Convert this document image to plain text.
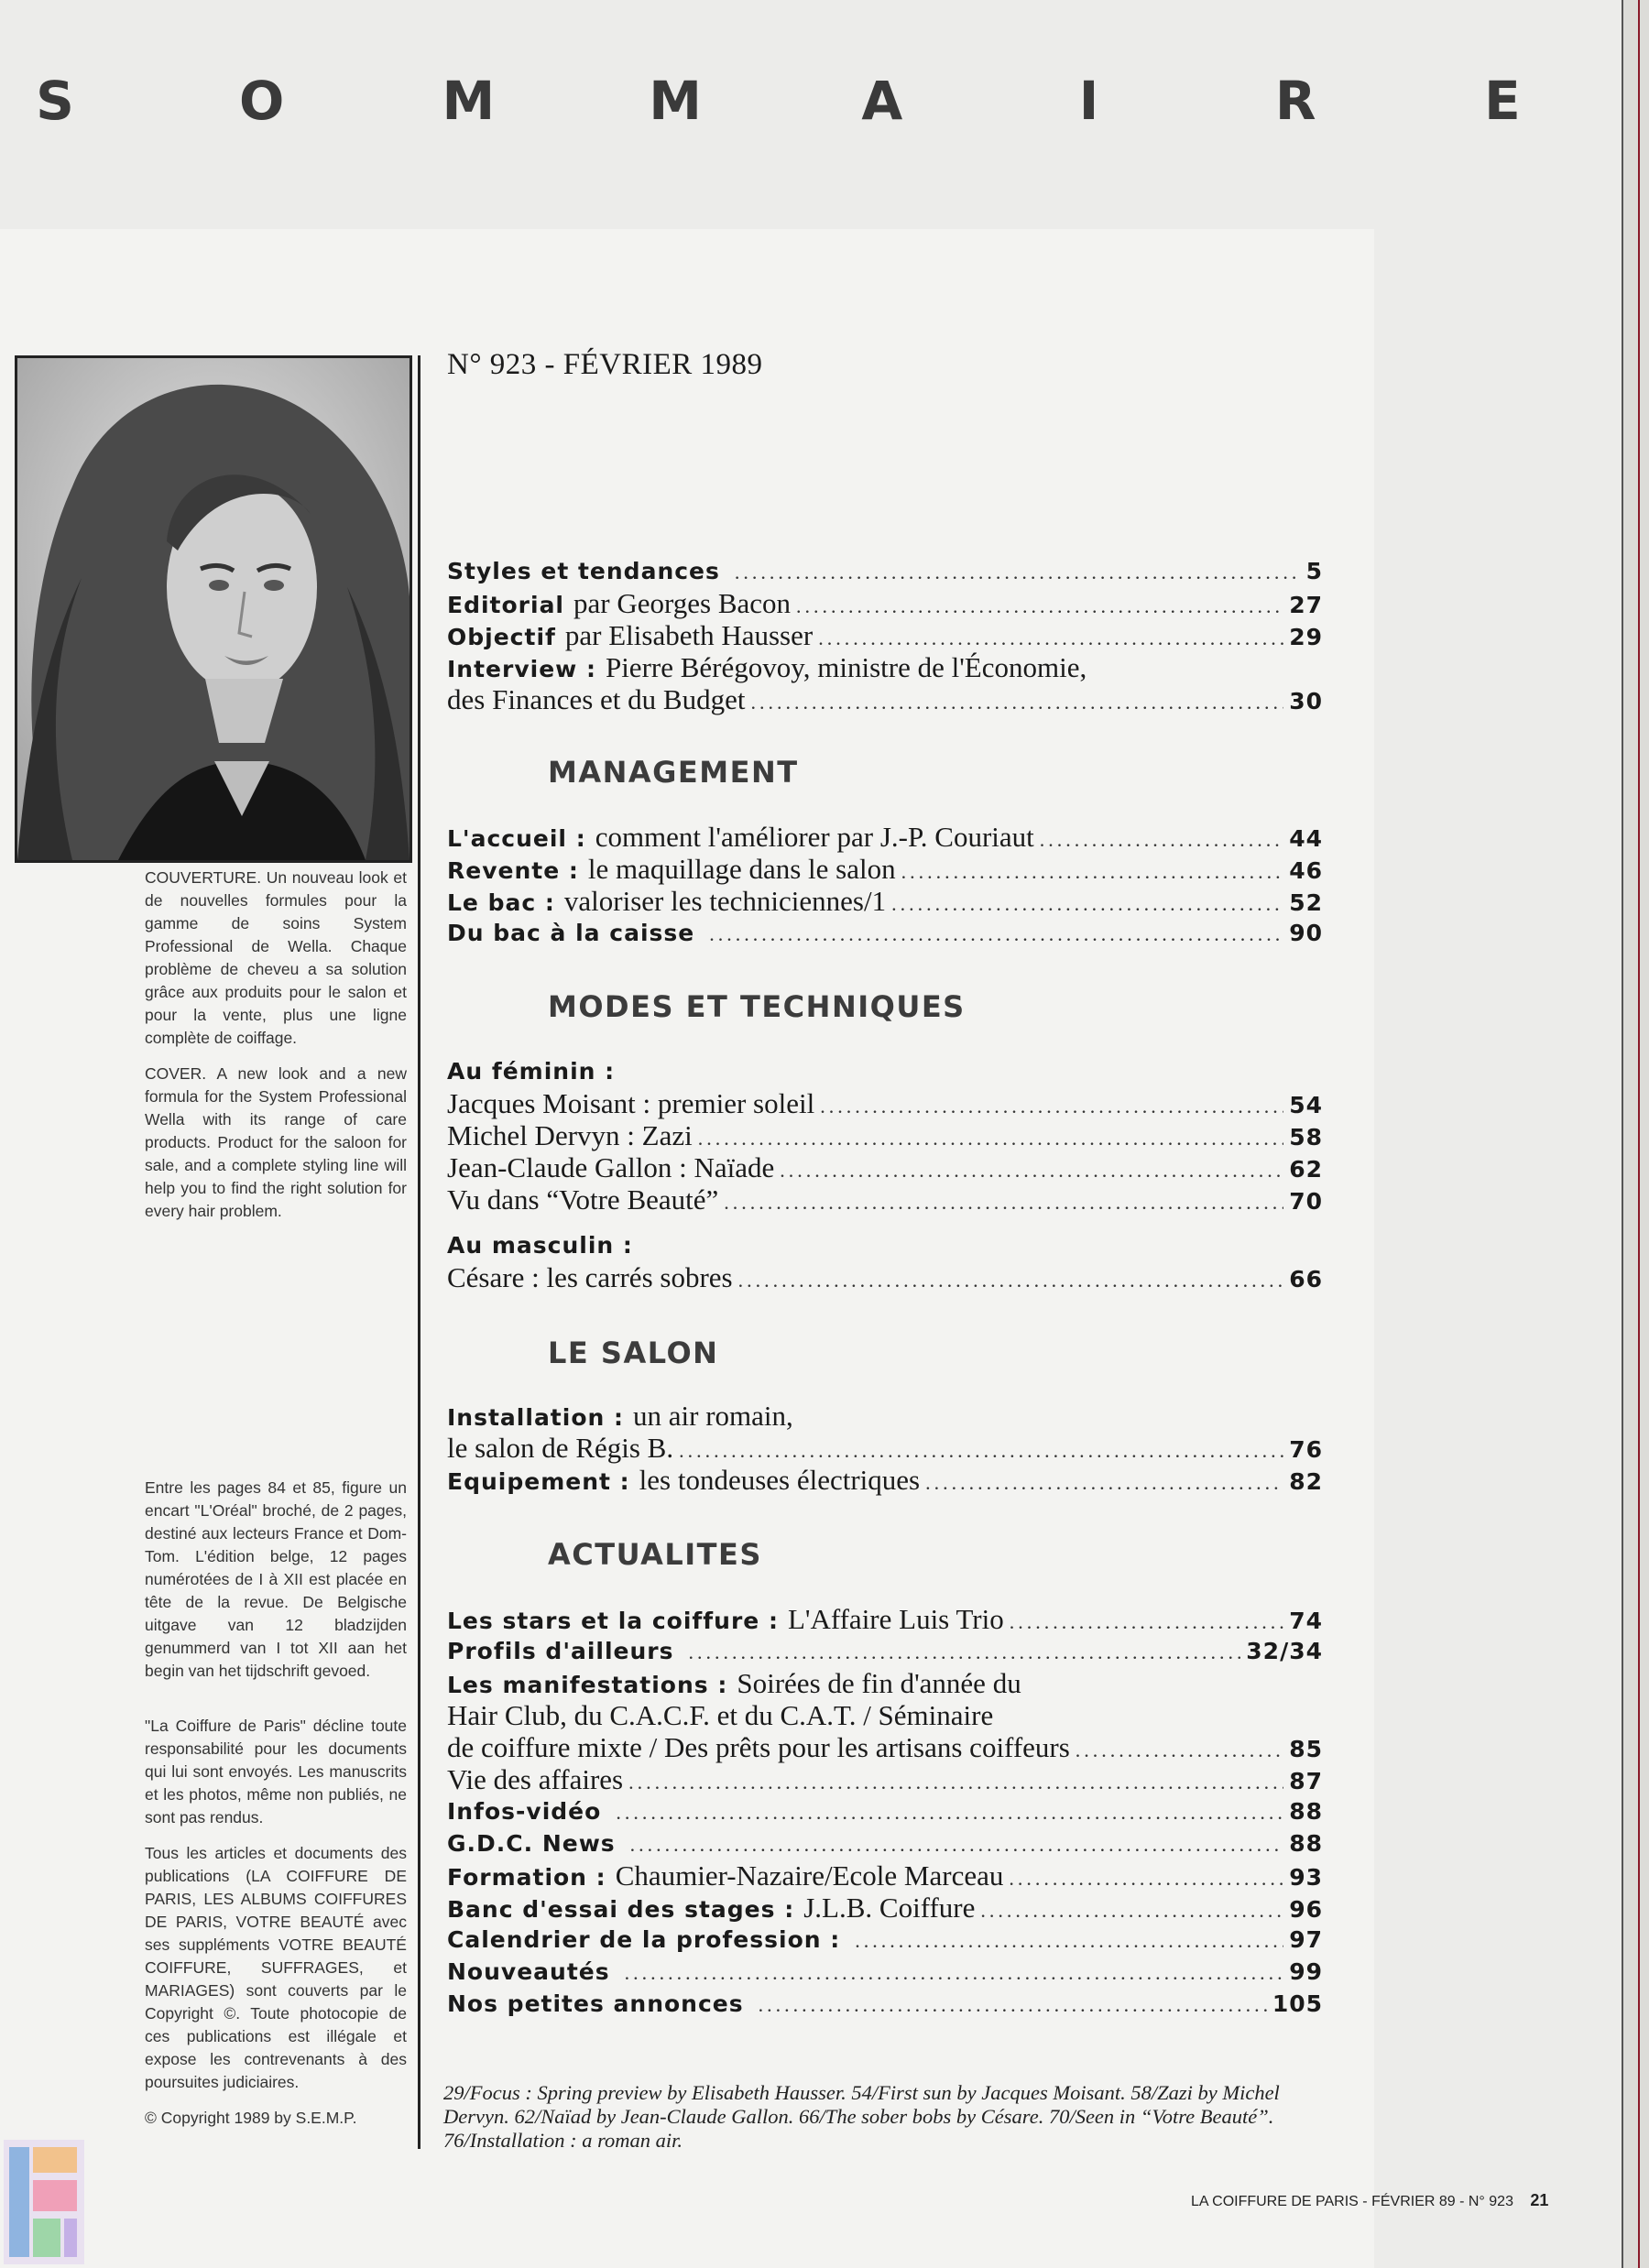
S	O	M	M	A	I	R	E

COUVERTURE. Un nouveau look et de nouvelles formules pour la gamme de soins System Professional de Wella. Chaque problème de cheveu a sa solution grâce aux produits pour le salon et pour la vente, plus une ligne complète de coiffage.

COVER. A new look and a new formula for the System Professional Wella with its range of care products. Product for the saloon for sale, and a complete styling line will help you to find the right solution for every hair problem.

Entre les pages 84 et 85, figure un encart "L'Oréal" broché, de 2 pages, destiné aux lecteurs France et Dom-Tom. L'édition belge, 12 pages numérotées de I à XII est placée en tête de la revue. De Belgische uitgave van 12 bladzijden genummerd van I tot XII aan het begin van het tijdschrift gevoed.

"La Coiffure de Paris" décline toute responsabilité pour les documents qui lui sont envoyés. Les manuscrits et les photos, même non publiés, ne sont pas rendus.

Tous les articles et documents des publications (LA COIFFURE DE PARIS, LES ALBUMS COIFFURES DE PARIS, VOTRE BEAUTÉ avec ses suppléments VOTRE BEAUTÉ COIFFURE, SUFFRAGES, et MARIAGES) sont couverts par le Copyright ©. Toute photocopie de ces publications est illégale et expose les contrevenants à des poursuites judiciaires.

© Copyright 1989 by S.E.M.P.

N° 923 - FÉVRIER 1989
Styles et tendances .....	5
Editorial par Georges Bacon .....	27
Objectif par Elisabeth Hausser .....	29
Interview : Pierre Bérégovoy, ministre de l'Économie,
des Finances et du Budget .....	30
MANAGEMENT
L'accueil : comment l'améliorer par J.-P. Couriaut .....	44
Revente : le maquillage dans le salon .....	46
Le bac : valoriser les techniciennes/1 .....	52
Du bac à la caisse .....	90
MODES ET TECHNIQUES
Au féminin :
Jacques Moisant : premier soleil .....	54
Michel Dervyn : Zazi .....	58
Jean-Claude Gallon : Naïade .....	62
Vu dans “Votre Beauté” .....	70
Au masculin :
Césare : les carrés sobres .....	66
LE SALON
Installation : un air romain,
le salon de Régis B. .....	76
Equipement : les tondeuses électriques .....	82
ACTUALITES
Les stars et la coiffure : L'Affaire Luis Trio .....	74
Profils d'ailleurs .....	32/34
Les manifestations : Soirées de fin d'année du
Hair Club, du C.A.C.F. et du C.A.T. / Séminaire
de coiffure mixte / Des prêts pour les artisans coiffeurs .....	85
Vie des affaires .....	87
Infos-vidéo .....	88
G.D.C. News .....	88
Formation : Chaumier-Nazaire/Ecole Marceau .....	93
Banc d'essai des stages : J.L.B. Coiffure .....	96
Calendrier de la profession : .....	97
Nouveautés .....	99
Nos petites annonces .....	105
29/Focus : Spring preview by Elisabeth Hausser. 54/First sun by Jacques Moisant. 58/Zazi by Michel Dervyn. 62/Naïad by Jean-Claude Gallon. 66/The sober bobs by Césare. 70/Seen in “Votre Beauté”. 76/Installation : a roman air.
LA COIFFURE DE PARIS - FÉVRIER 89 - N° 923 21
